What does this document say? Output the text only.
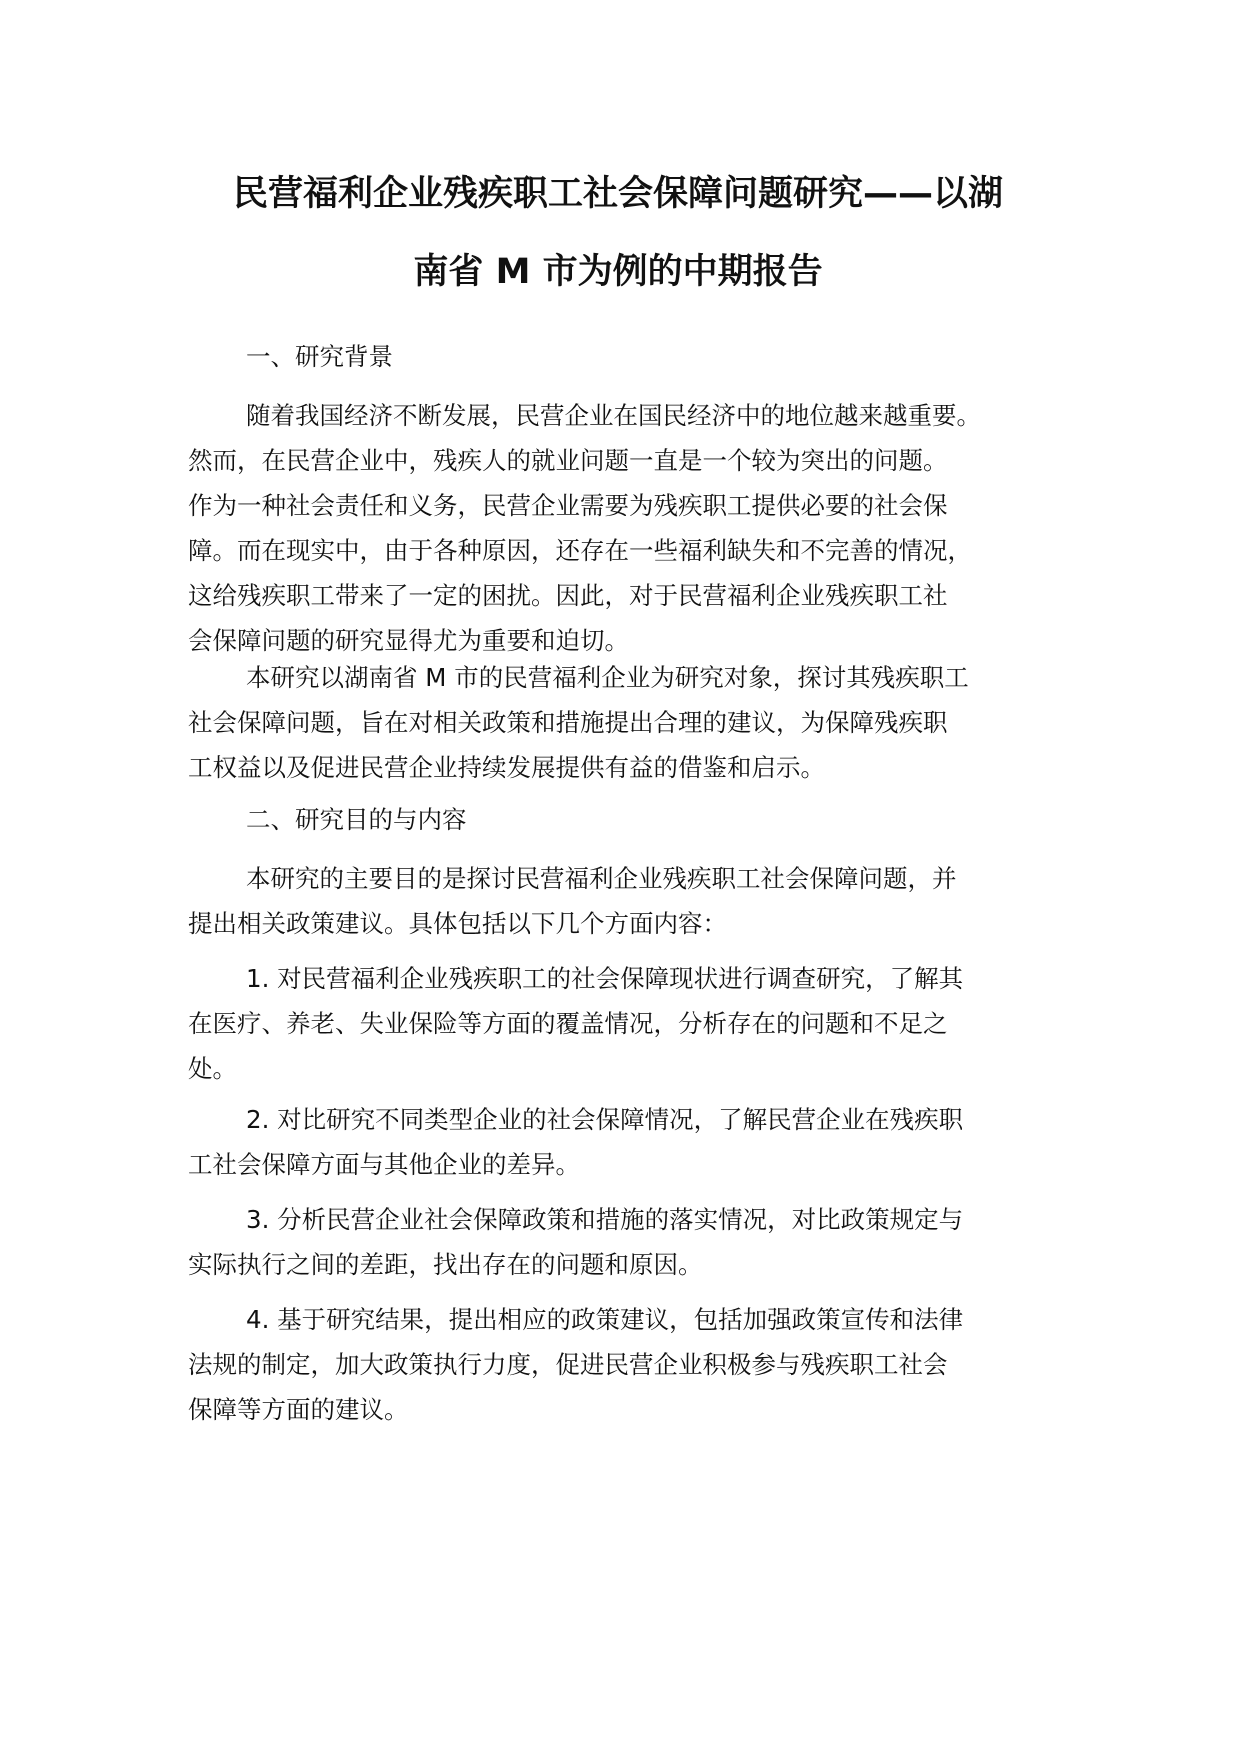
民营福利企业残疾职工社会保障问题研究——以湖
南省 M 市为例的中期报告
一、研究背景
随着我国经济不断发展，民营企业在国民经济中的地位越来越重要。
然而，在民营企业中，残疾人的就业问题一直是一个较为突出的问题。
作为一种社会责任和义务，民营企业需要为残疾职工提供必要的社会保
障。而在现实中，由于各种原因，还存在一些福利缺失和不完善的情况，
这给残疾职工带来了一定的困扰。因此，对于民营福利企业残疾职工社
会保障问题的研究显得尤为重要和迫切。
本研究以湖南省 M 市的民营福利企业为研究对象，探讨其残疾职工
社会保障问题，旨在对相关政策和措施提出合理的建议，为保障残疾职
工权益以及促进民营企业持续发展提供有益的借鉴和启示。
二、研究目的与内容
本研究的主要目的是探讨民营福利企业残疾职工社会保障问题，并
提出相关政策建议。具体包括以下几个方面内容：
1. 对民营福利企业残疾职工的社会保障现状进行调查研究，了解其
在医疗、养老、失业保险等方面的覆盖情况，分析存在的问题和不足之
处。
2. 对比研究不同类型企业的社会保障情况，了解民营企业在残疾职
工社会保障方面与其他企业的差异。
3. 分析民营企业社会保障政策和措施的落实情况，对比政策规定与
实际执行之间的差距，找出存在的问题和原因。
4. 基于研究结果，提出相应的政策建议，包括加强政策宣传和法律
法规的制定，加大政策执行力度，促进民营企业积极参与残疾职工社会
保障等方面的建议。
